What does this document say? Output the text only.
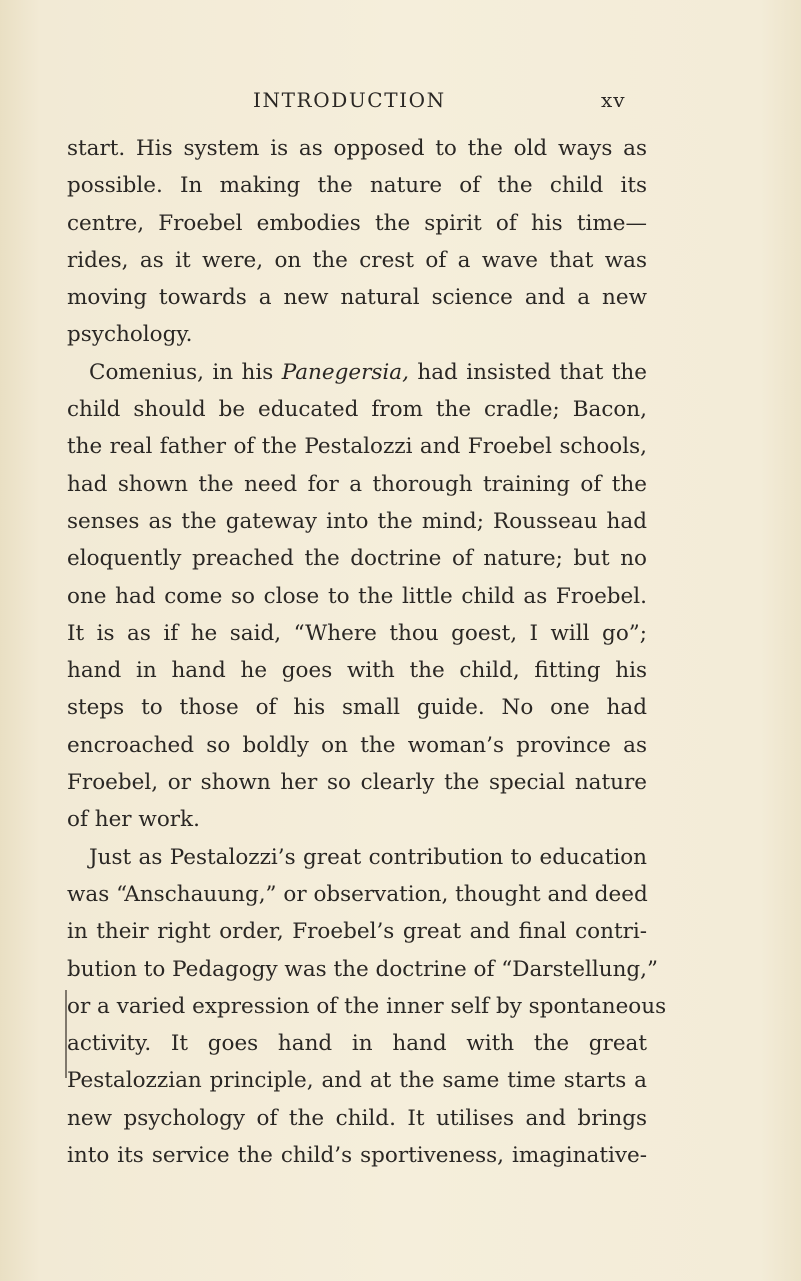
INTRODUCTION	xv
start. His system is as opposed to the old ways as
possible. In making the nature of the child its
centre, Froebel embodies the spirit of his time—
rides, as it were, on the crest of a wave that was
moving towards a new natural science and a new
psychology.
Comenius, in his Panegersia, had insisted that the
child should be educated from the cradle; Bacon,
the real father of the Pestalozzi and Froebel schools,
had shown the need for a thorough training of the
senses as the gateway into the mind; Rousseau had
eloquently preached the doctrine of nature; but no
one had come so close to the little child as Froebel.
It is as if he said, “Where thou goest, I will go”;
hand in hand he goes with the child, fitting his
steps to those of his small guide. No one had
encroached so boldly on the woman’s province as
Froebel, or shown her so clearly the special nature
of her work.
Just as Pestalozzi’s great contribution to education
was “Anschauung,” or observation, thought and deed
in their right order, Froebel’s great and final contri-
bution to Pedagogy was the doctrine of “Darstellung,”
or a varied expression of the inner self by spontaneous
activity. It goes hand in hand with the great
Pestalozzian principle, and at the same time starts a
new psychology of the child. It utilises and brings
into its service the child’s sportiveness, imaginative-
